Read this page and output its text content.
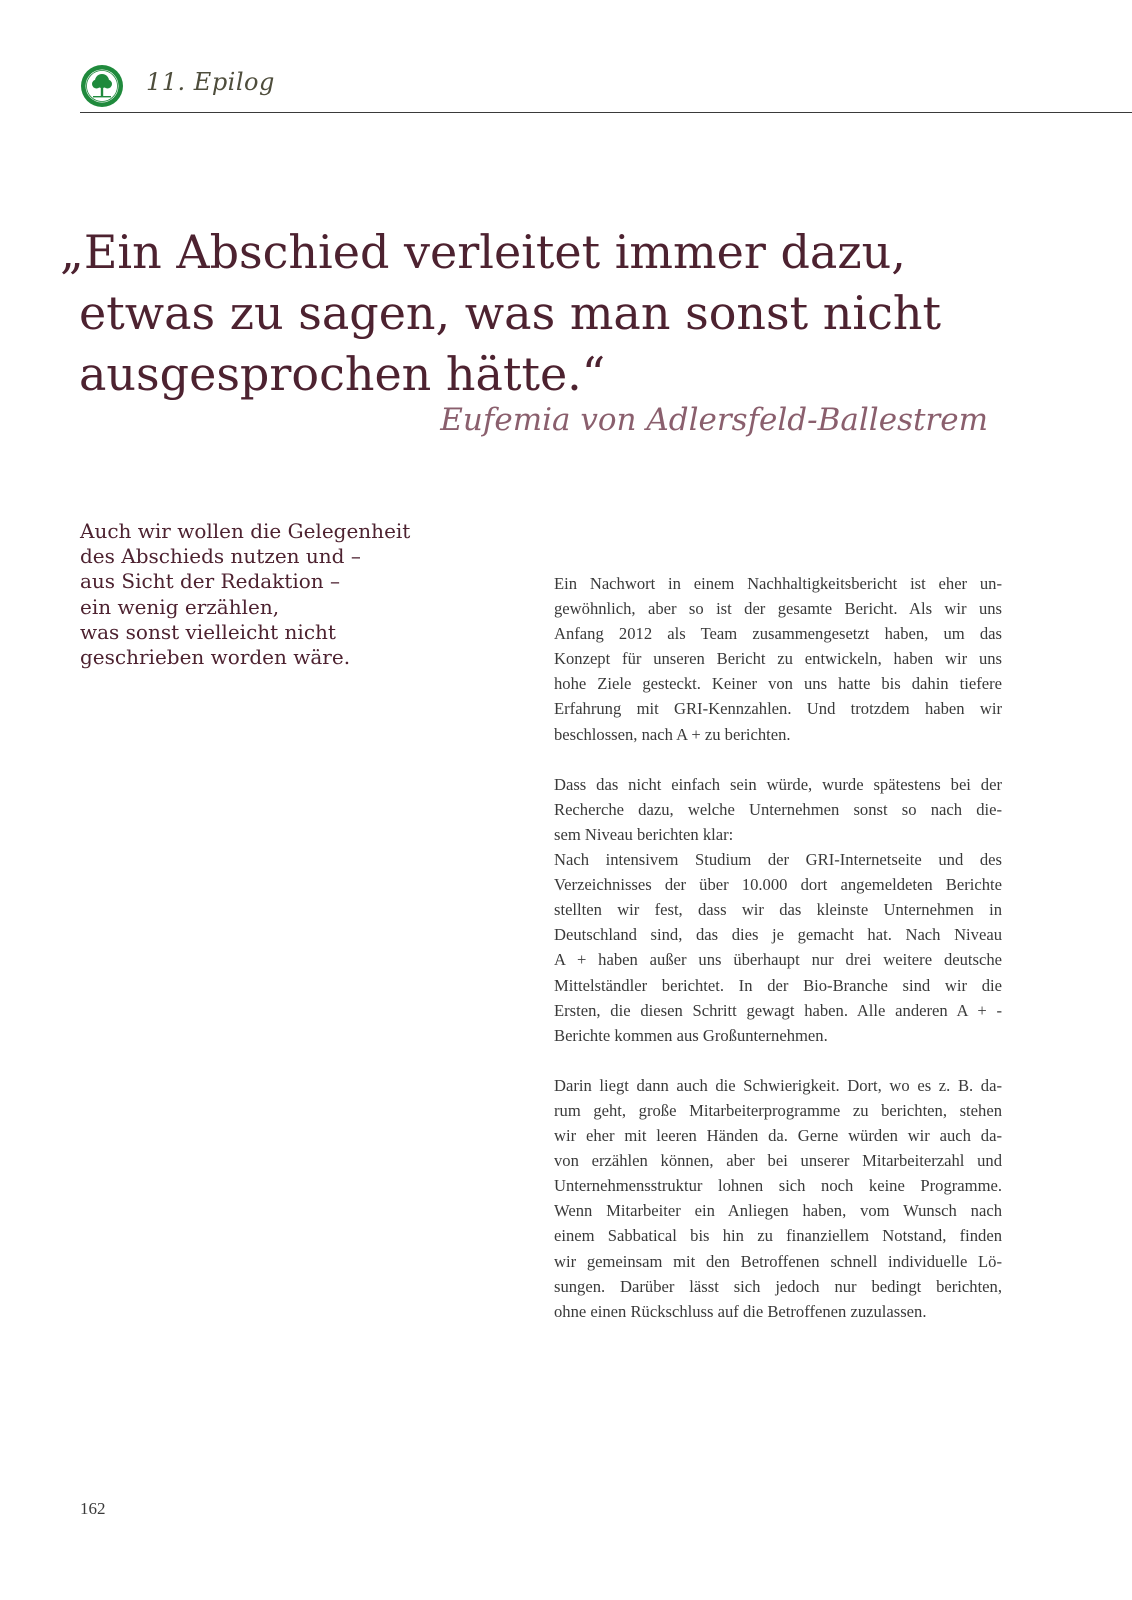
11. Epilog
„Ein Abschied verleitet immer dazu,
etwas zu sagen, was man sonst nicht
ausgesprochen hätte.“
Eufemia von Adlersfeld-Ballestrem
Auch wir wollen die Gelegenheit
des Abschieds nutzen und –
aus Sicht der Redaktion –
ein wenig erzählen,
was sonst vielleicht nicht
geschrieben worden wäre.
Ein Nachwort in einem Nachhaltigkeitsbericht ist eher un-
gewöhnlich, aber so ist der gesamte Bericht. Als wir uns
Anfang 2012 als Team zusammengesetzt haben, um das
Konzept für unseren Bericht zu entwickeln, haben wir uns
hohe Ziele gesteckt. Keiner von uns hatte bis dahin tiefere
Erfahrung mit GRI-Kennzahlen. Und trotzdem haben wir
beschlossen, nach A + zu berichten.
Dass das nicht einfach sein würde, wurde spätestens bei der
Recherche dazu, welche Unternehmen sonst so nach die-
sem Niveau berichten klar:
Nach intensivem Studium der GRI-Internetseite und des
Verzeichnisses der über 10.000 dort angemeldeten Berichte
stellten wir fest, dass wir das kleinste Unternehmen in
Deutschland sind, das dies je gemacht hat. Nach Niveau
A + haben außer uns überhaupt nur drei weitere deutsche
Mittelständler berichtet. In der Bio-Branche sind wir die
Ersten, die diesen Schritt gewagt haben. Alle anderen A + -
Berichte kommen aus Großunternehmen.
Darin liegt dann auch die Schwierigkeit. Dort, wo es z. B. da-
rum geht, große Mitarbeiterprogramme zu berichten, stehen
wir eher mit leeren Händen da. Gerne würden wir auch da-
von erzählen können, aber bei unserer Mitarbeiterzahl und
Unternehmensstruktur lohnen sich noch keine Programme.
Wenn Mitarbeiter ein Anliegen haben, vom Wunsch nach
einem Sabbatical bis hin zu finanziellem Notstand, finden
wir gemeinsam mit den Betroffenen schnell individuelle Lö-
sungen. Darüber lässt sich jedoch nur bedingt berichten,
ohne einen Rückschluss auf die Betroffenen zuzulassen.
162
